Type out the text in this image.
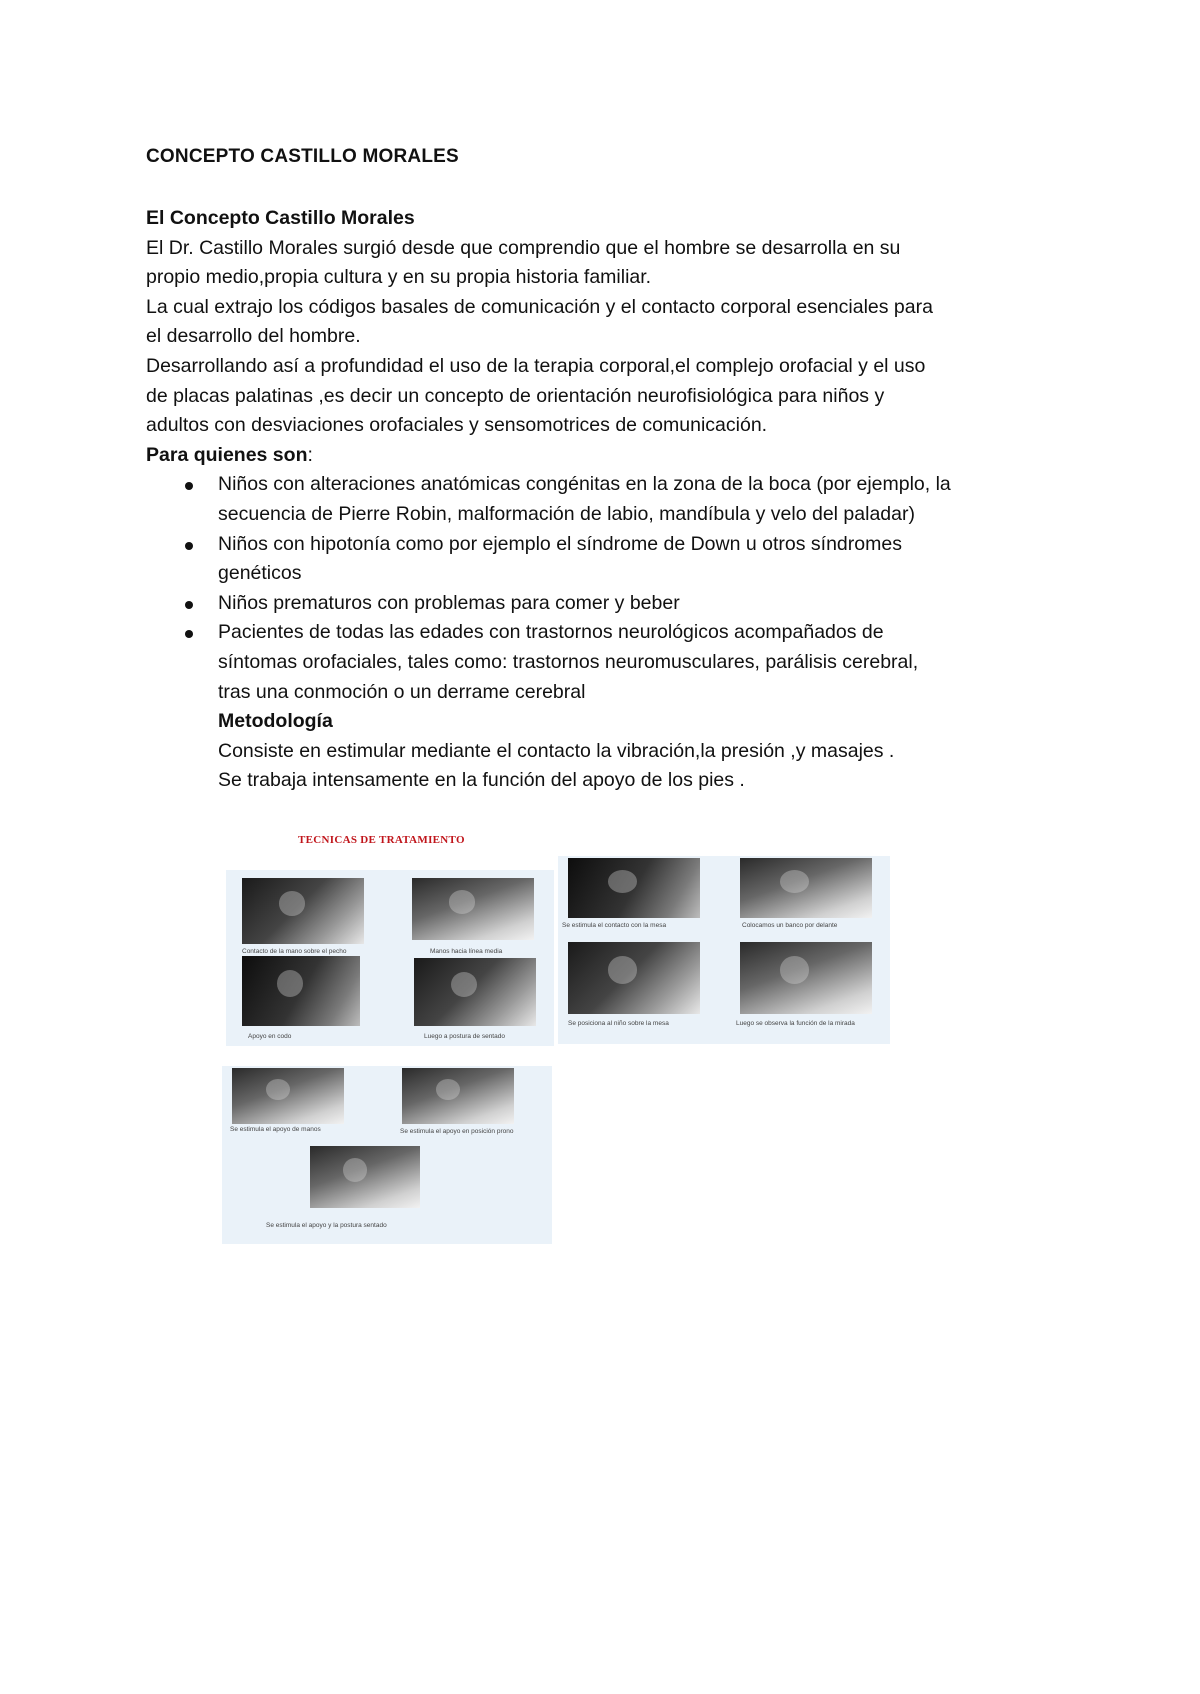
CONCEPTO CASTILLO MORALES

El Concepto Castillo Morales

El Dr. Castillo Morales surgió desde que comprendio que el hombre se desarrolla en su

propio medio,propia cultura y en su propia historia familiar.

La cual extrajo los códigos basales de comunicación y el contacto corporal esenciales para

el desarrollo del hombre.

Desarrollando así a profundidad el uso de la terapia corporal,el complejo orofacial y el uso

de placas palatinas ,es decir un concepto de orientación neurofisiológica para niños y

adultos con desviaciones orofaciales y sensomotrices de comunicación.

Para quienes son:

Niños con alteraciones anatómicas congénitas en la zona de la boca (por ejemplo, la
secuencia de Pierre Robin, malformación de labio, mandíbula y velo del paladar)
Niños con hipotonía como por ejemplo el síndrome de Down u otros síndromes
genéticos
Niños prematuros con problemas para comer y beber
Pacientes de todas las edades con trastornos neurológicos acompañados de
síntomas orofaciales, tales como: trastornos neuromusculares, parálisis cerebral,
tras una conmoción o un derrame cerebral
Metodología
Consiste en estimular mediante el contacto la vibración,la presión ,y masajes .
Se trabaja intensamente en la función del apoyo de los pies .
TECNICAS DE TRATAMIENTO
Contacto de la mano sobre el pecho	Manos hacia línea media
Apoyo en codo	Luego a postura de sentado
Se estimula el contacto con la mesa	Colocamos un banco por delante
Se posiciona al niño sobre la mesa	Luego se observa la función de la mirada
Se estimula el apoyo de manos	Se estimula el apoyo en posición prono
Se estimula el apoyo y la postura sentado
